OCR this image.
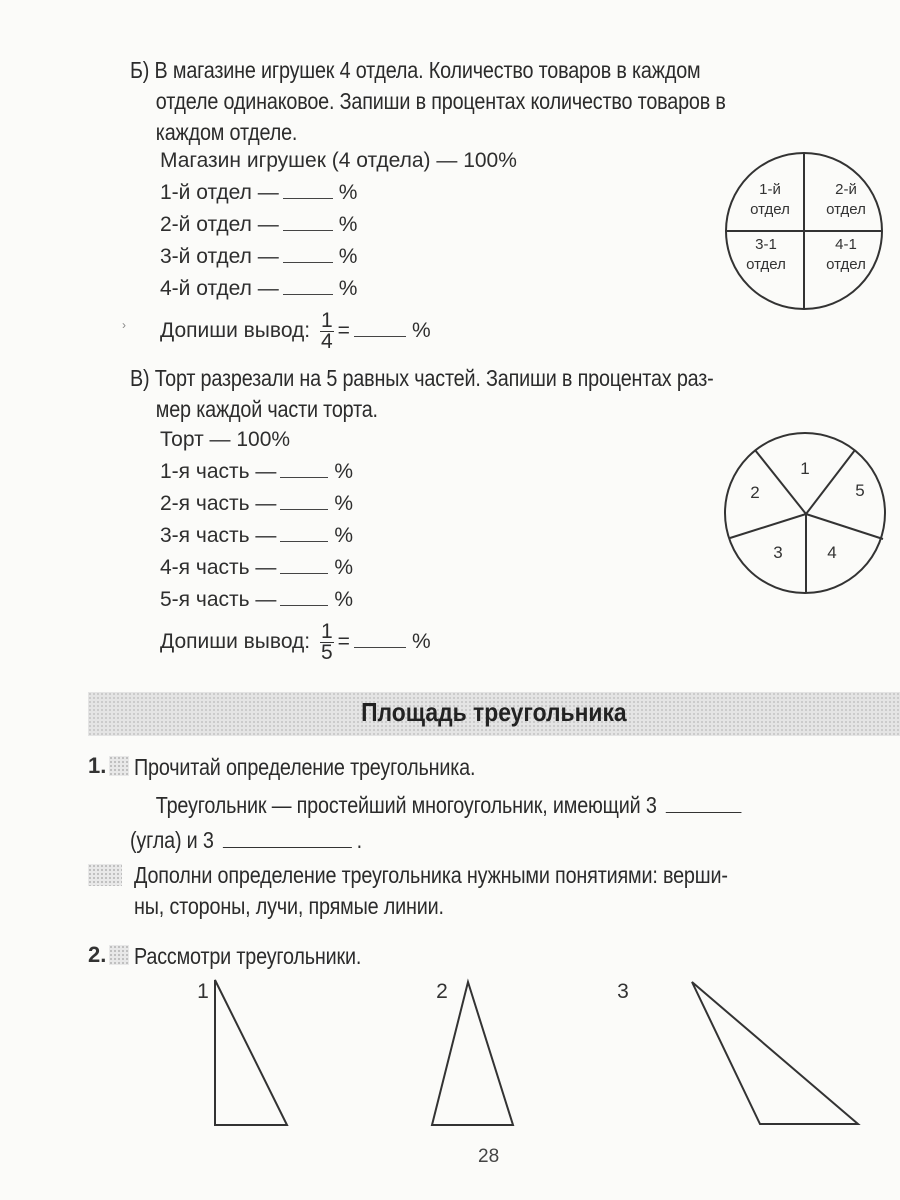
Б) В магазине игрушек 4 отдела. Количество товаров в каждом
отделе одинаковое. Запиши в процентах количество товаров в
каждом отделе.
Магазин игрушек (4 отдела) — 100%
1-й отдел —	%
2-й отдел —	%
3-й отдел —	%
4-й отдел —	%
Допиши вывод: $\frac{1}{4}$ =	%
›
1-й
отдел
2-й
отдел
3-1
отдел
4-1
отдел
В) Торт разрезали на 5 равных частей. Запиши в процентах раз-
мер каждой части торта.
Торт — 100%
1-я часть —	%
2-я часть —	%
3-я часть —	%
4-я часть —	%
5-я часть —	%
Допиши вывод: $\frac{1}{5}$ =	%
1
2
3	4
5
Площадь треугольника
1.	Прочитай определение треугольника.
Треугольник — простейший многоугольник, имеющий 3
(угла) и 3	.
Дополни определение треугольника нужными понятиями: верши-
ны, стороны, лучи, прямые линии.
2.	Рассмотри треугольники.
1	2	3
28
